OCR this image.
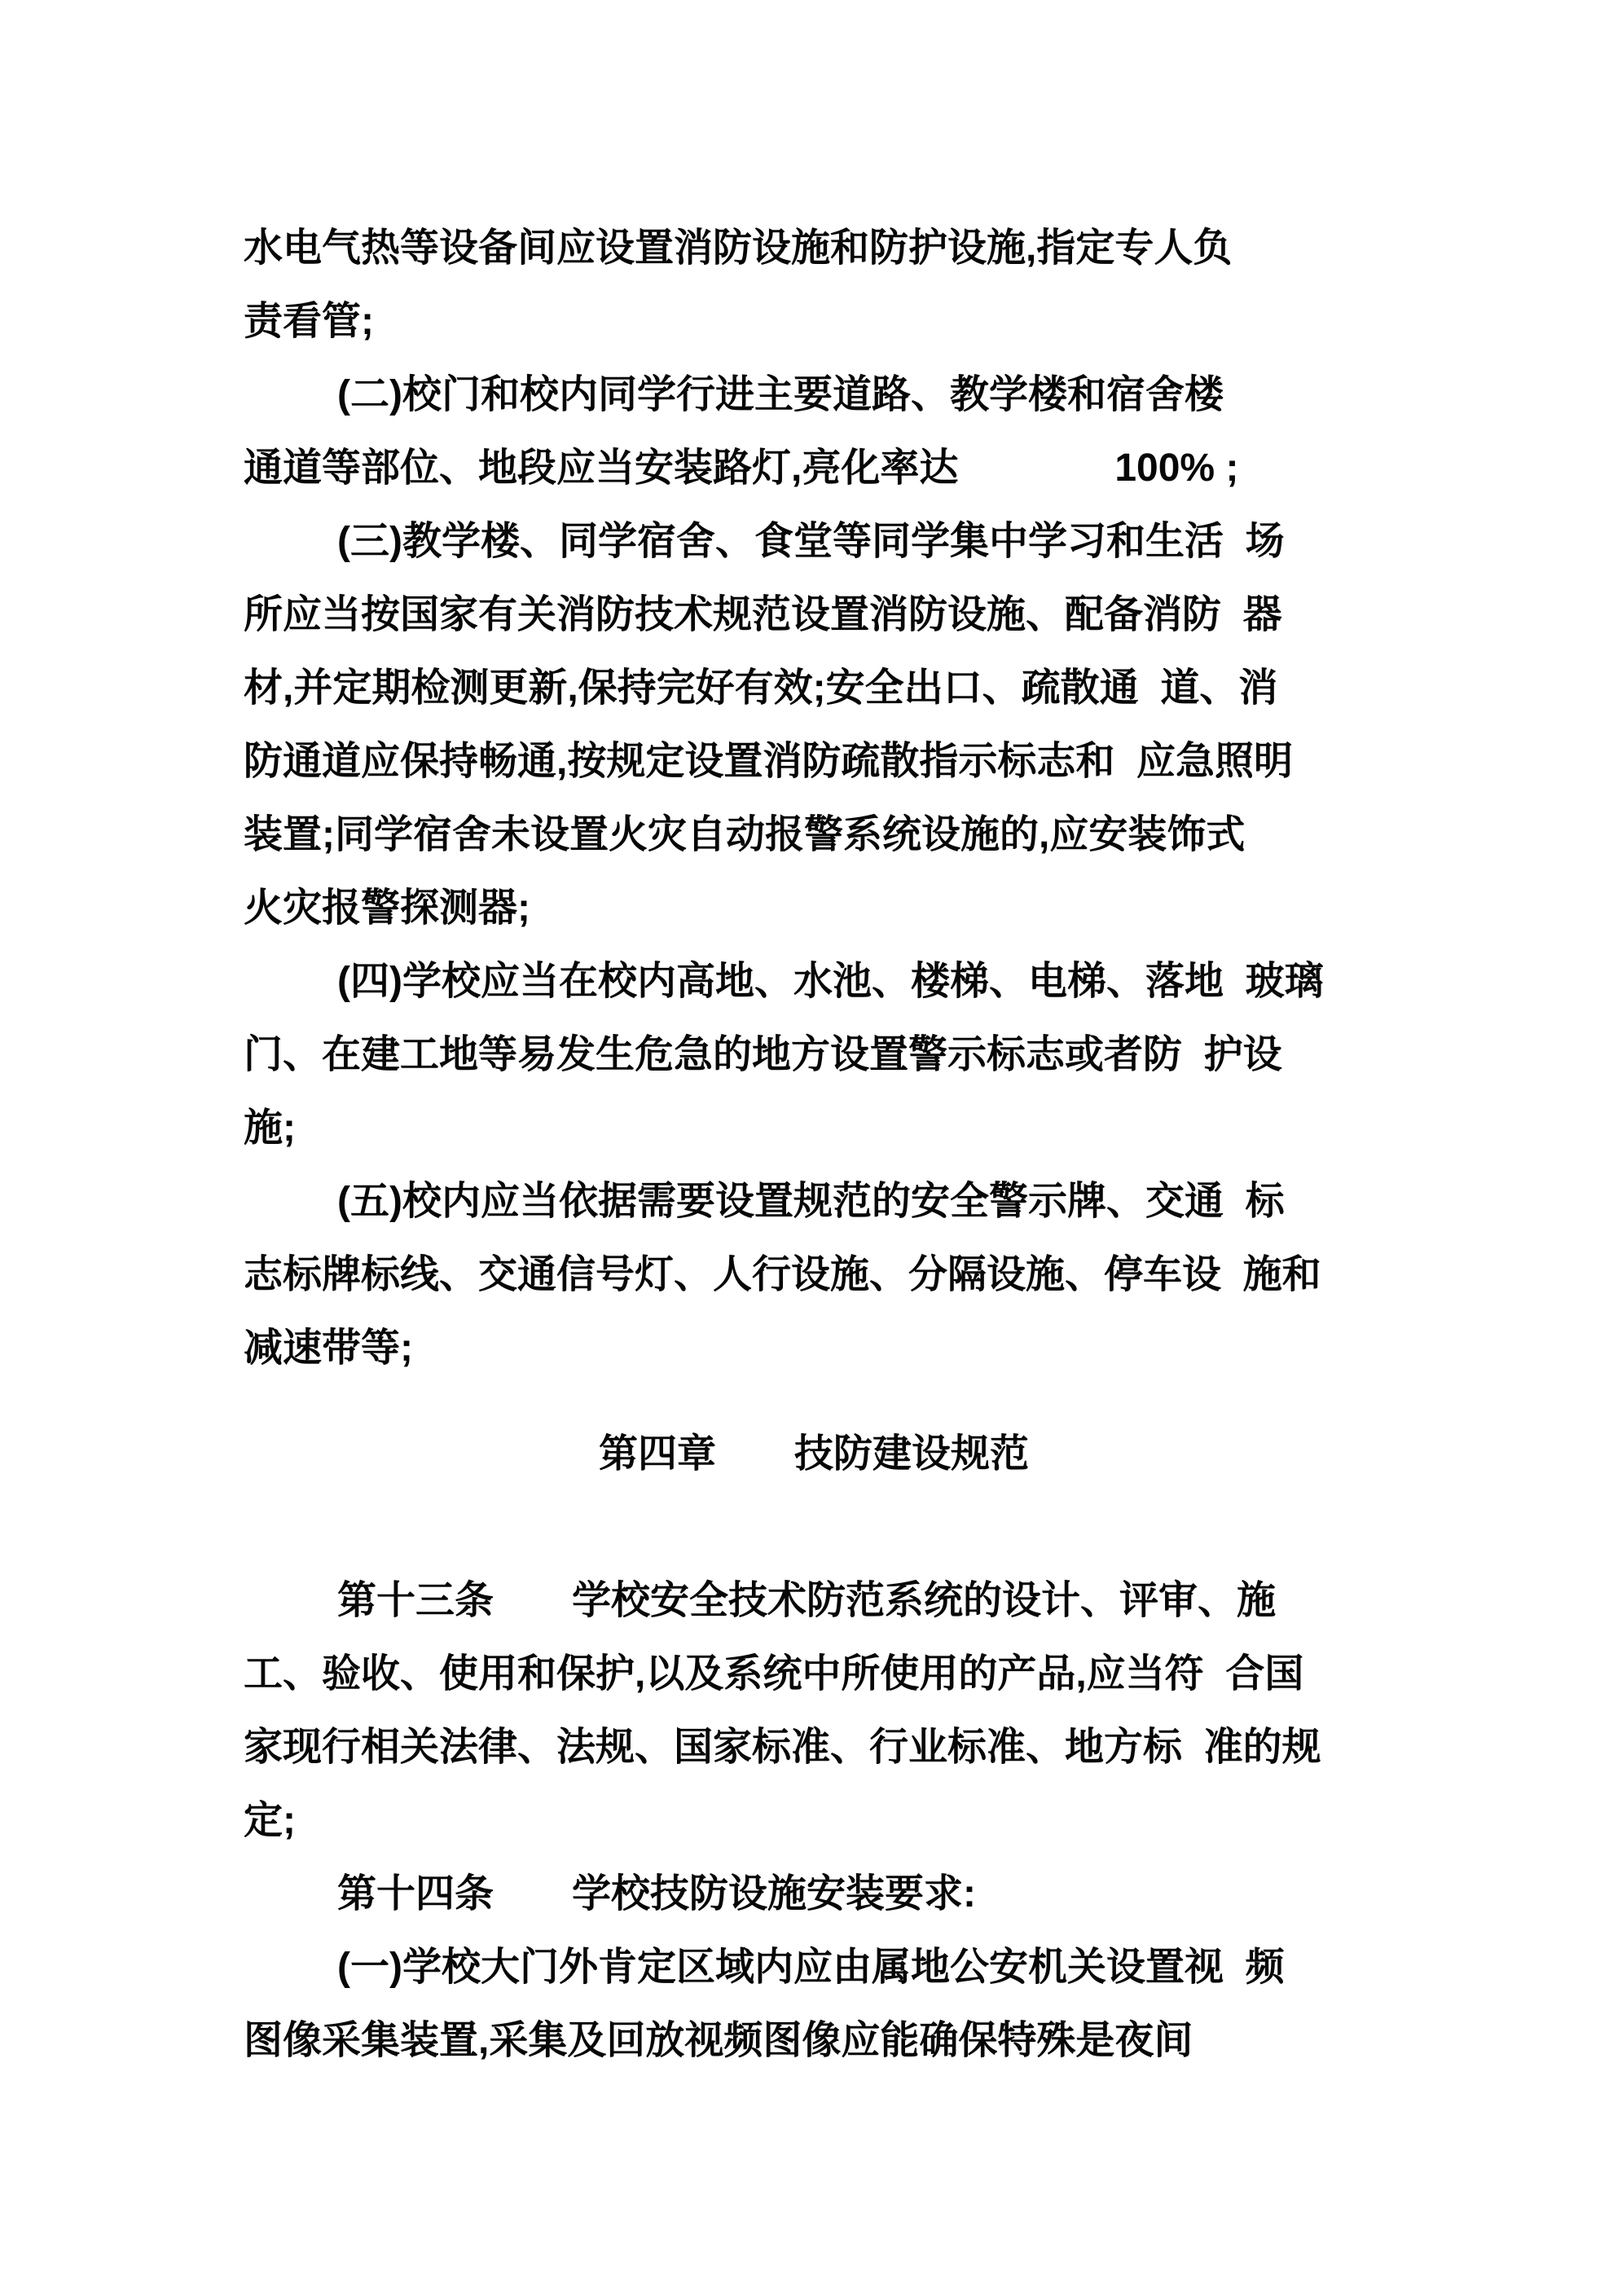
水电气热等设备间应设置消防设施和防护设施,指定专人负
责看管;
(二)校门和校内同学行进主要道路、教学楼和宿舍楼
通道等部位、地段应当安装路灯,亮化率达　　　　100% ;
(三)教学楼、同学宿舍、食堂等同学集中学习和生活  场
所应当按国家有关消防技术规范设置消防设施、配备消防  器
材,并定期检测更新,保持完好有效;安全出口、疏散通  道、消
防通道应保持畅通,按规定设置消防疏散指示标志和  应急照明
装置;同学宿舍未设置火灾自动报警系统设施的,应安装饰式
火灾报警探测器;
(四)学校应当在校内高地、水池、楼梯、电梯、落地  玻璃
门、在建工地等易发生危急的地方设置警示标志或者防  护设
施;
(五)校内应当依据需要设置规范的安全警示牌、交通  标
志标牌标线、交通信号灯、人行设施、分隔设施、停车设  施和
减速带等;
第四章　　技防建设规范
第十三条　　学校安全技术防范系统的设计、评审、施
工、验收、使用和保护,以及系统中所使用的产品,应当符  合国
家现行相关法律、法规、国家标准、行业标准、地方标  准的规
定;
第十四条　　学校技防设施安装要求:
(一)学校大门外肯定区域内应由属地公安机关设置视  频
图像采集装置,采集及回放视频图像应能确保特殊是夜间
